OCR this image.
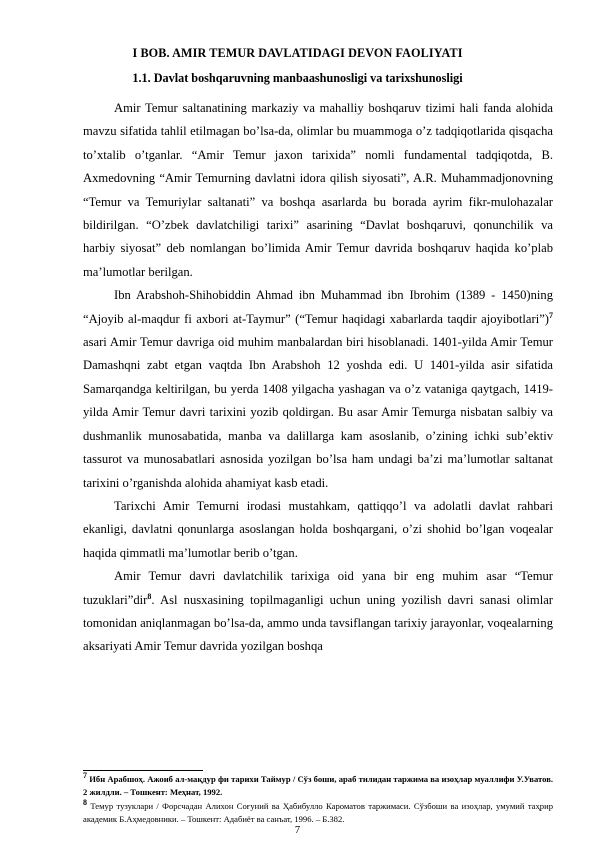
I BOB. AMIR TEMUR DAVLATIDAGI DEVON FAOLIYATI
1.1. Davlat boshqaruvning manbaashunosligi va tarixshunosligi

Amir Temur saltanatining markaziy va mahalliy boshqaruv tizimi hali fanda alohida mavzu sifatida tahlil etilmagan bo’lsa-da, olimlar bu muammoga o’z tadqiqotlarida qisqacha to’xtalib o’tganlar. “Amir Temur jaxon tarixida” nomli fundamental tadqiqotda, B. Axmedovning “Amir Temurning davlatni idora qilish siyosati”, A.R. Muhammadjonovning “Temur va Temuriylar saltanati” va boshqa asarlarda bu borada ayrim fikr-mulohazalar bildirilgan. “O’zbek davlatchiligi tarixi” asarining “Davlat boshqaruvi, qonunchilik va harbiy siyosat” deb nomlangan bo’limida Amir Temur davrida boshqaruv haqida ko’plab ma’lumotlar berilgan.

Ibn Arabshoh-Shihobiddin Ahmad ibn Muhammad ibn Ibrohim (1389 - 1450)ning “Ajoyib al-maqdur fi axbori at-Taymur” (“Temur haqidagi xabarlarda taqdir ajoyibotlari”)$^7$ asari Amir Temur davriga oid muhim manbalardan biri hisoblanadi. 1401-yilda Amir Temur Damashqni zabt etgan vaqtda Ibn Arabshoh 12 yoshda edi. U 1401-yilda asir sifatida Samarqandga keltirilgan, bu yerda 1408 yilgacha yashagan va o’z vataniga qaytgach, 1419-yilda Amir Temur davri tarixini yozib qoldirgan. Bu asar Amir Temurga nisbatan salbiy va dushmanlik munosabatida, manba va dalillarga kam asoslanib, o’zining ichki sub’ektiv tassurot va munosabatlari asnosida yozilgan bo’lsa ham undagi ba’zi ma’lumotlar saltanat tarixini o’rganishda alohida ahamiyat kasb etadi.

Tarixchi Amir Temurni irodasi mustahkam, qattiqqo’l va adolatli davlat rahbari ekanligi, davlatni qonunlarga asoslangan holda boshqargani, o’zi shohid bo’lgan voqealar haqida qimmatli ma’lumotlar berib o’tgan.

Amir Temur davri davlatchilik tarixiga oid yana bir eng muhim asar “Temur tuzuklari”dir$^8$. Asl nusxasining topilmaganligi uchun uning yozilish davri sanasi olimlar tomonidan aniqlanmagan bo’lsa-da, ammo unda tavsiflangan tarixiy jarayonlar, voqealarning aksariyati Amir Temur davrida yozilgan boshqa

$^7$ Ибн Арабшоҳ. Ажоиб ал-мақдур фи тарихи Таймур / Сўз боши, араб тилидан таржима ва изоҳлар муаллифи У.Уватов. 2 жилдли. – Тошкент: Меҳнат, 1992.

$^8$ Темур тузуклари / Форсчадан Алихон Соғуний ва Ҳабибулло Кароматов таржимаси. Сўзбоши ва изоҳлар, умумий таҳрир академик Б.Аҳмедовники. – Тошкент: Адабиёт ва санъат, 1996. – Б.382.

7
